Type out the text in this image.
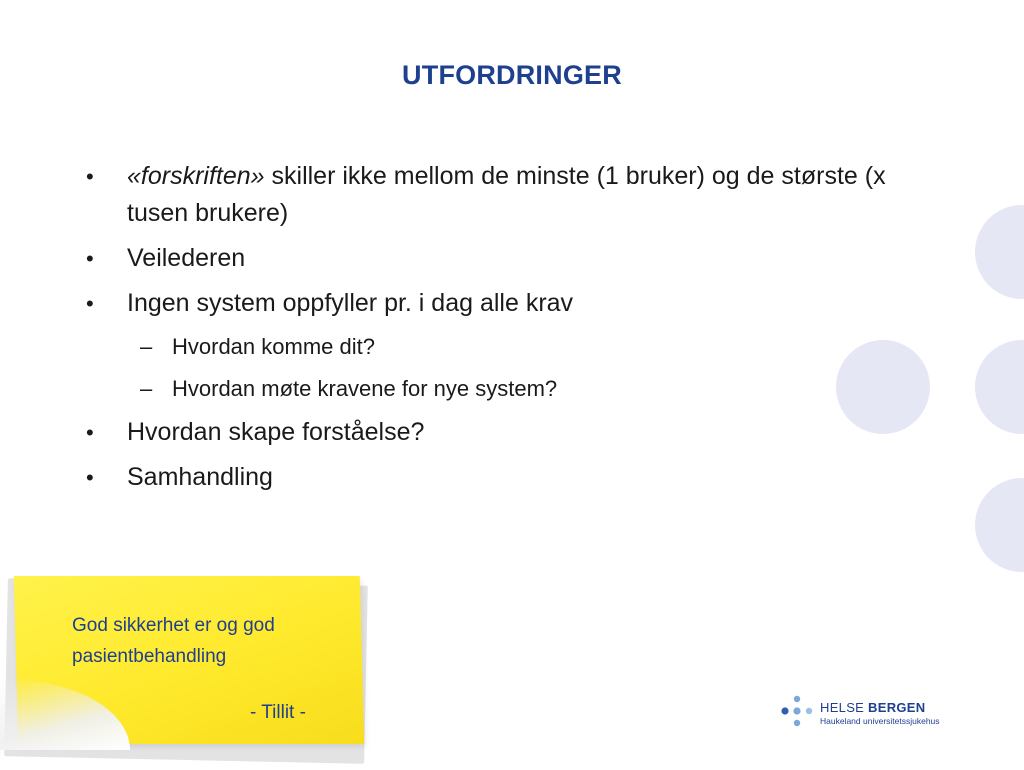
UTFORDRINGER
•	«forskriften» skiller ikke mellom de minste (1 bruker) og de største (x tusen brukere)
•	Veilederen
•	Ingen system oppfyller pr. i dag alle krav
– Hvordan komme dit?
– Hvordan møte kravene for nye system?
•	Hvordan skape forståelse?
•	Samhandling
God sikkerhet er og god pasientbehandling
- Tillit -	HELSE BERGEN
Haukeland universitetssjukehus
